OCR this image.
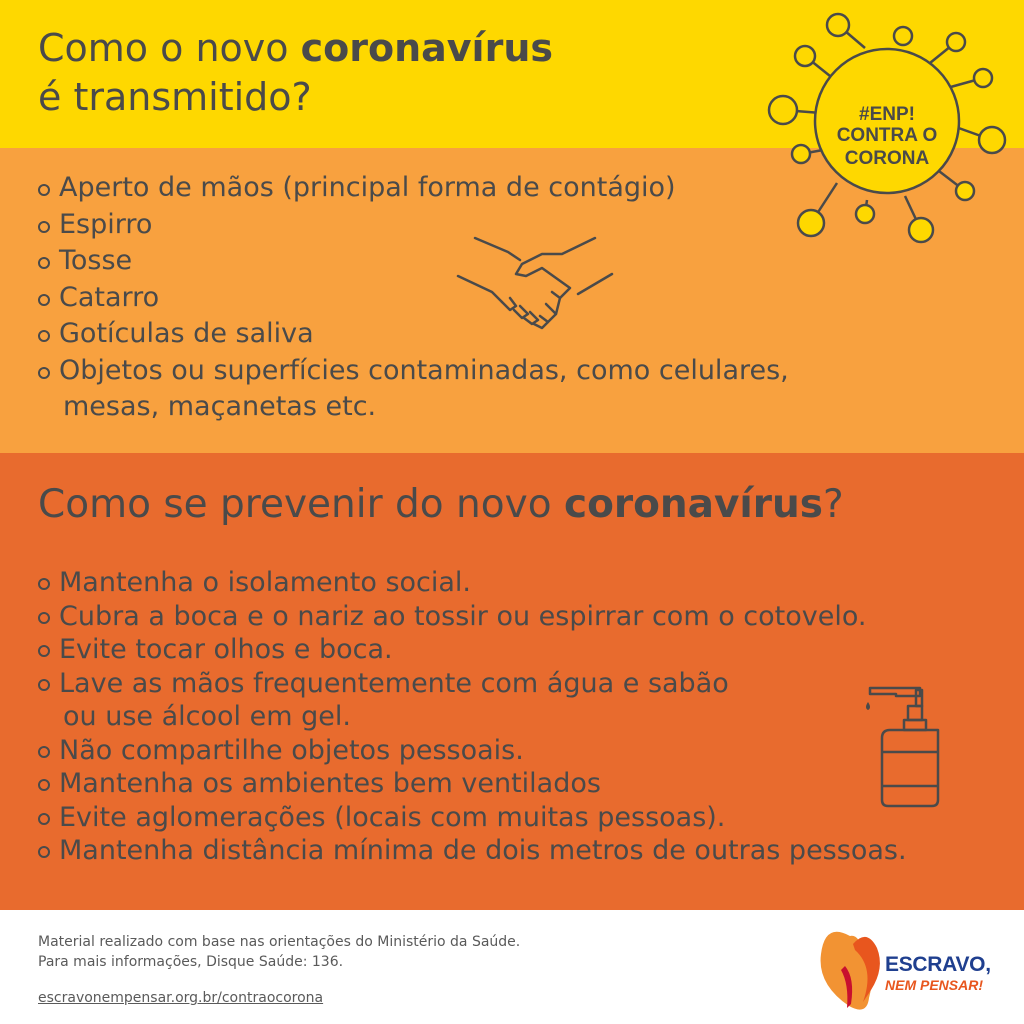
Como o novo coronavírus
é transmitido?	#ENP!
CONTRA O
CORONA
Aperto de mãos (principal forma de contágio)
Espirro
Tosse
Catarro
Gotículas de saliva
Objetos ou superfícies contaminadas, como celulares,
mesas, maçanetas etc.
Como se prevenir do novo coronavírus?
Mantenha o isolamento social.
Cubra a boca e o nariz ao tossir ou espirrar com o cotovelo.
Evite tocar olhos e boca.
Lave as mãos frequentemente com água e sabão
ou use álcool em gel.
Não compartilhe objetos pessoais.
Mantenha os ambientes bem ventilados
Evite aglomerações (locais com muitas pessoas).
Mantenha distância mínima de dois metros de outras pessoas.
Material realizado com base nas orientações do Ministério da Saúde.
Para mais informações, Disque Saúde: 136.
escravonempensar.org.br/contraocorona
ESCRAVO,
NEM PENSAR!
